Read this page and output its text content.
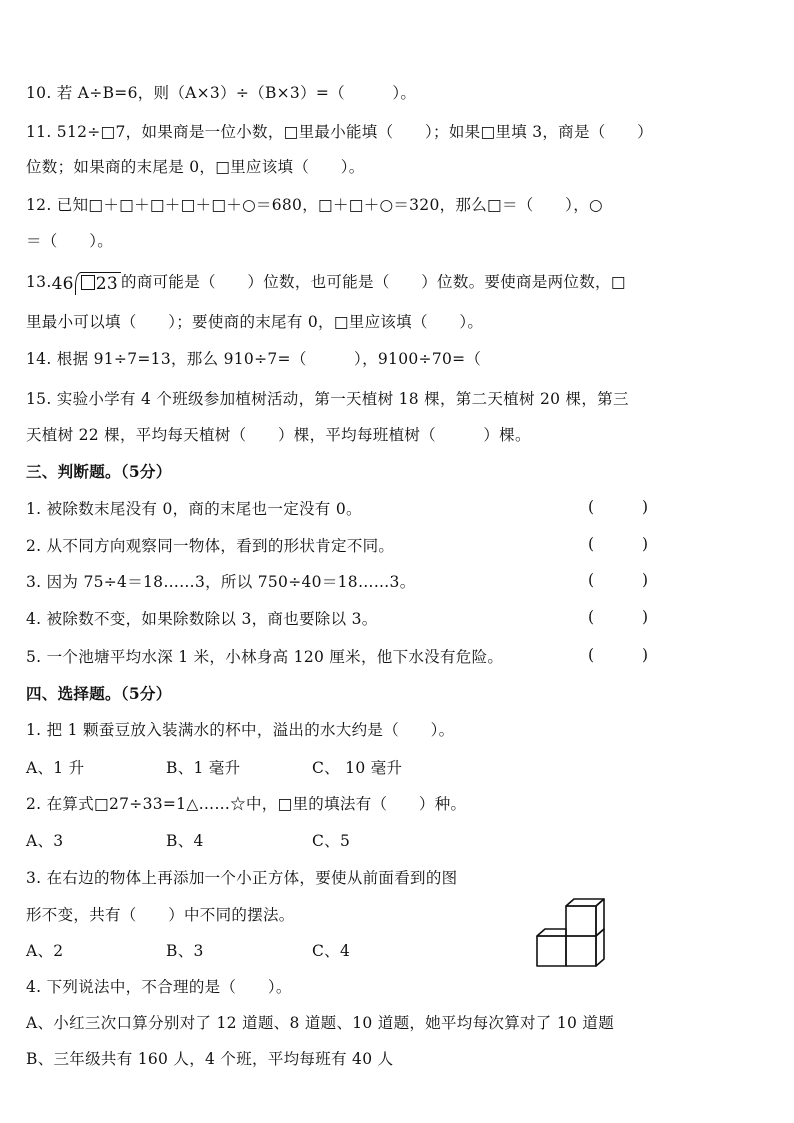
10. 若 A÷B=6，则（A×3）÷（B×3）=（　　　）。
11. 512÷□7，如果商是一位小数，□里最小能填（　　）；如果□里填 3，商是（　　）
位数；如果商的末尾是 0，□里应该填（　　）。
12. 已知□＋□＋□＋□＋□＋○＝680，□＋□＋○＝320，那么□＝（　　），○
＝（　　）。
13.46 23 的商可能是（　　）位数，也可能是（　　）位数。要使商是两位数，□
里最小可以填（　　）；要使商的末尾有 0，□里应该填（　　）。
14. 根据 91÷7=13，那么 910÷7=（　　　），9100÷70=（
15. 实验小学有 4 个班级参加植树活动，第一天植树 18 棵，第二天植树 20 棵，第三
天植树 22 棵，平均每天植树（　　）棵，平均每班植树（　　　）棵。
三、判断题。（5分）
1. 被除数末尾没有 0，商的末尾也一定没有 0。	(	)
2. 从不同方向观察同一物体，看到的形状肯定不同。	(	)
3. 因为 75÷4＝18……3，所以 750÷40＝18……3。	(	)
4. 被除数不变，如果除数除以 3，商也要除以 3。	(	)
5. 一个池塘平均水深 1 米，小林身高 120 厘米，他下水没有危险。	(	)
四、选择题。（5分）
1. 把 1 颗蚕豆放入装满水的杯中，溢出的水大约是（　　）。
A、1 升	B、1 毫升	C、 10 毫升
2. 在算式□27÷33=1△……☆中，□里的填法有（　　）种。
A、3	B、4	C、5
3. 在右边的物体上再添加一个小正方体，要使从前面看到的图
形不变，共有（　　）中不同的摆法。
A、2	B、3	C、4
4. 下列说法中，不合理的是（　　）。
A、小红三次口算分别对了 12 道题、8 道题、10 道题，她平均每次算对了 10 道题
B、三年级共有 160 人，4 个班，平均每班有 40 人
